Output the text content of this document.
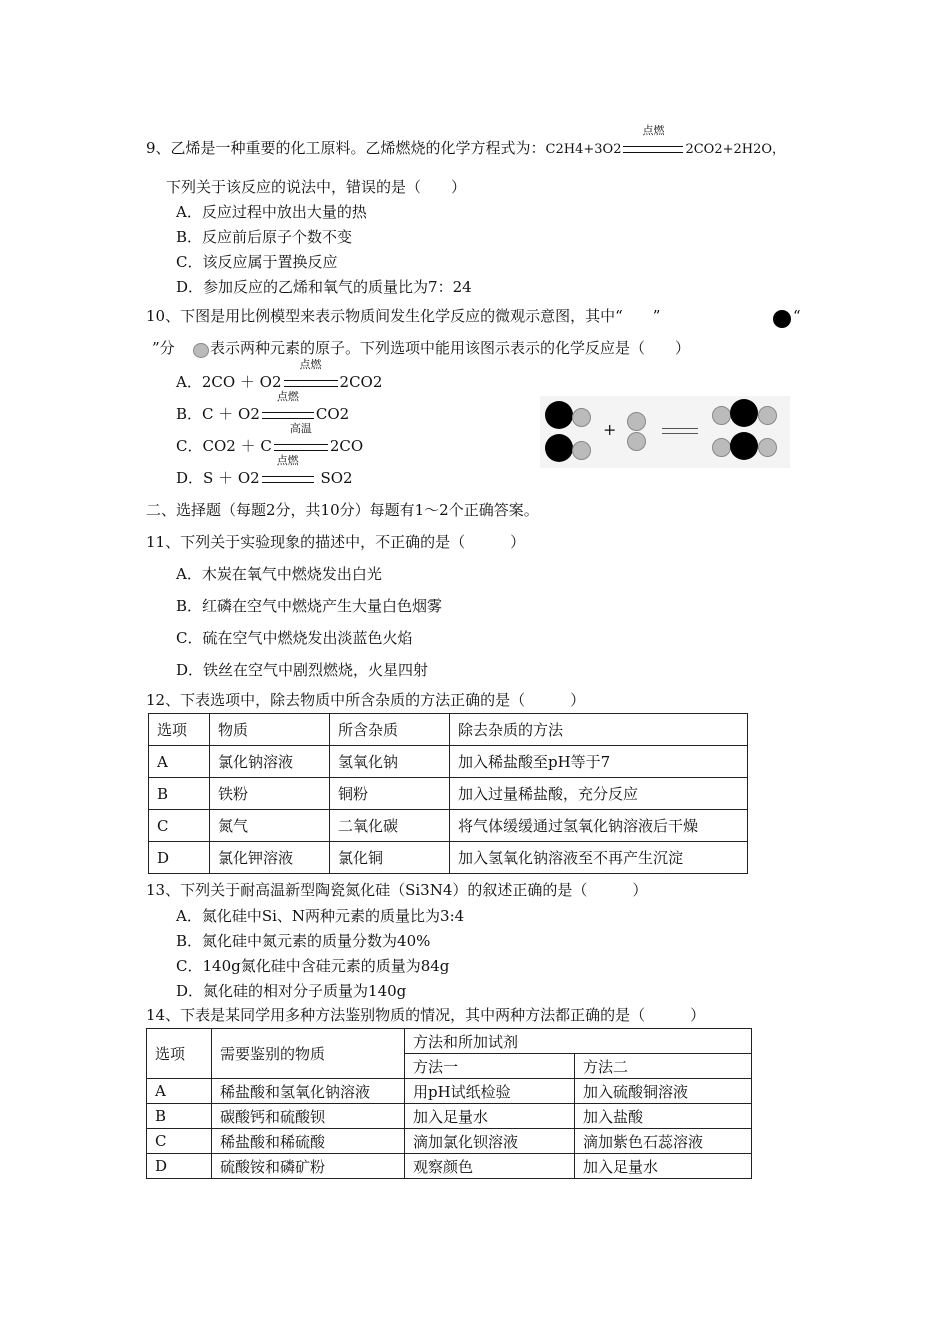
9、乙烯是一种重要的化工原料。乙烯燃烧的化学方程式为：C2H4+3O2
点燃
2CO2+2H2O，
下列关于该反应的说法中，错误的是（　　）
A．反应过程中放出大量的热
B．反应前后原子个数不变
C．该反应属于置换反应
D．参加反应的乙烯和氧气的质量比为7：24
10、下图是用比例模型来表示物质间发生化学反应的微观示意图，其中“　　”	“
”分 表示两种元素的原子。下列选项中能用该图示表示的化学反应是（　　）
A．2CO ＋ O2
点燃
2CO2
B．C ＋ O2
点燃
CO2
C．CO2 ＋ C
高温
2CO
D．S ＋ O2
点燃
SO2
+
二、选择题（每题2分，共10分）每题有1～2个正确答案。
11、下列关于实验现象的描述中，不正确的是（　　　）
A．木炭在氧气中燃烧发出白光
B．红磷在空气中燃烧产生大量白色烟雾
C．硫在空气中燃烧发出淡蓝色火焰
D．铁丝在空气中剧烈燃烧，火星四射
12、下表选项中，除去物质中所含杂质的方法正确的是（　　　）
选项	物质	所含杂质	除去杂质的方法
A	氯化钠溶液	氢氧化钠	加入稀盐酸至pH等于7
B	铁粉	铜粉	加入过量稀盐酸，充分反应
C	氮气	二氧化碳	将气体缓缓通过氢氧化钠溶液后干燥
D	氯化钾溶液	氯化铜	加入氢氧化钠溶液至不再产生沉淀
13、下列关于耐高温新型陶瓷氮化硅（Si3N4）的叙述正确的是（　　　）
A．氮化硅中Si、N两种元素的质量比为3:4
B．氮化硅中氮元素的质量分数为40%
C．140g氮化硅中含硅元素的质量为84g
D．氮化硅的相对分子质量为140g
14、下表是某同学用多种方法鉴别物质的情况，其中两种方法都正确的是（　　　）
选项	需要鉴别的物质	方法和所加试剂	
		方法一	方法二
A	稀盐酸和氢氧化钠溶液	用pH试纸检验	加入硫酸铜溶液
B	碳酸钙和硫酸钡	加入足量水	加入盐酸
C	稀盐酸和稀硫酸	滴加氯化钡溶液	滴加紫色石蕊溶液
D	硫酸铵和磷矿粉	观察颜色	加入足量水
